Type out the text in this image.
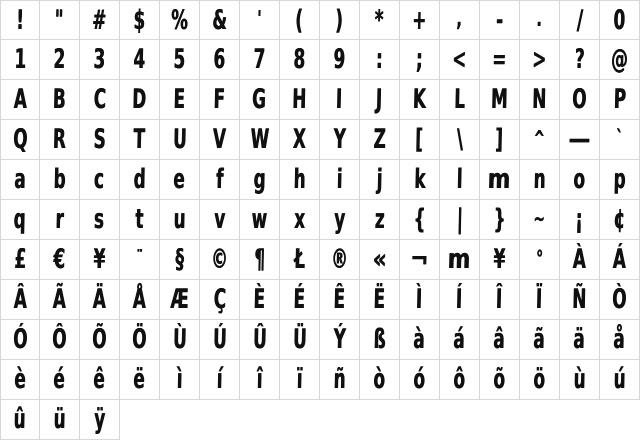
! " # $ % & ' ( ) * + , - . / 0
1 2 3 4 5 6 7 8 9 : ; < = > ? @
A B C D E F G H I J K L M N O P
Q R S T U V W X Y Z [ \ ] ^ — `
a b c d e f g h i j k l m n o p
q r s t u v w x y z { | } ~ ¡ ¢
£ € ¥ ¨ § © ¶ Ł ® « ¬ m ¥ ° À Á
Â Ã Ä Å Æ Ç È É Ê Ë Ì Í Î Ï Ñ Ò
Ó Ô Õ Ö Ù Ú Û Ü Ý ß à á â ã ä å
è é ê ë ì í î ï ñ ò ó ô õ ö ù ú
û ü ÿ
